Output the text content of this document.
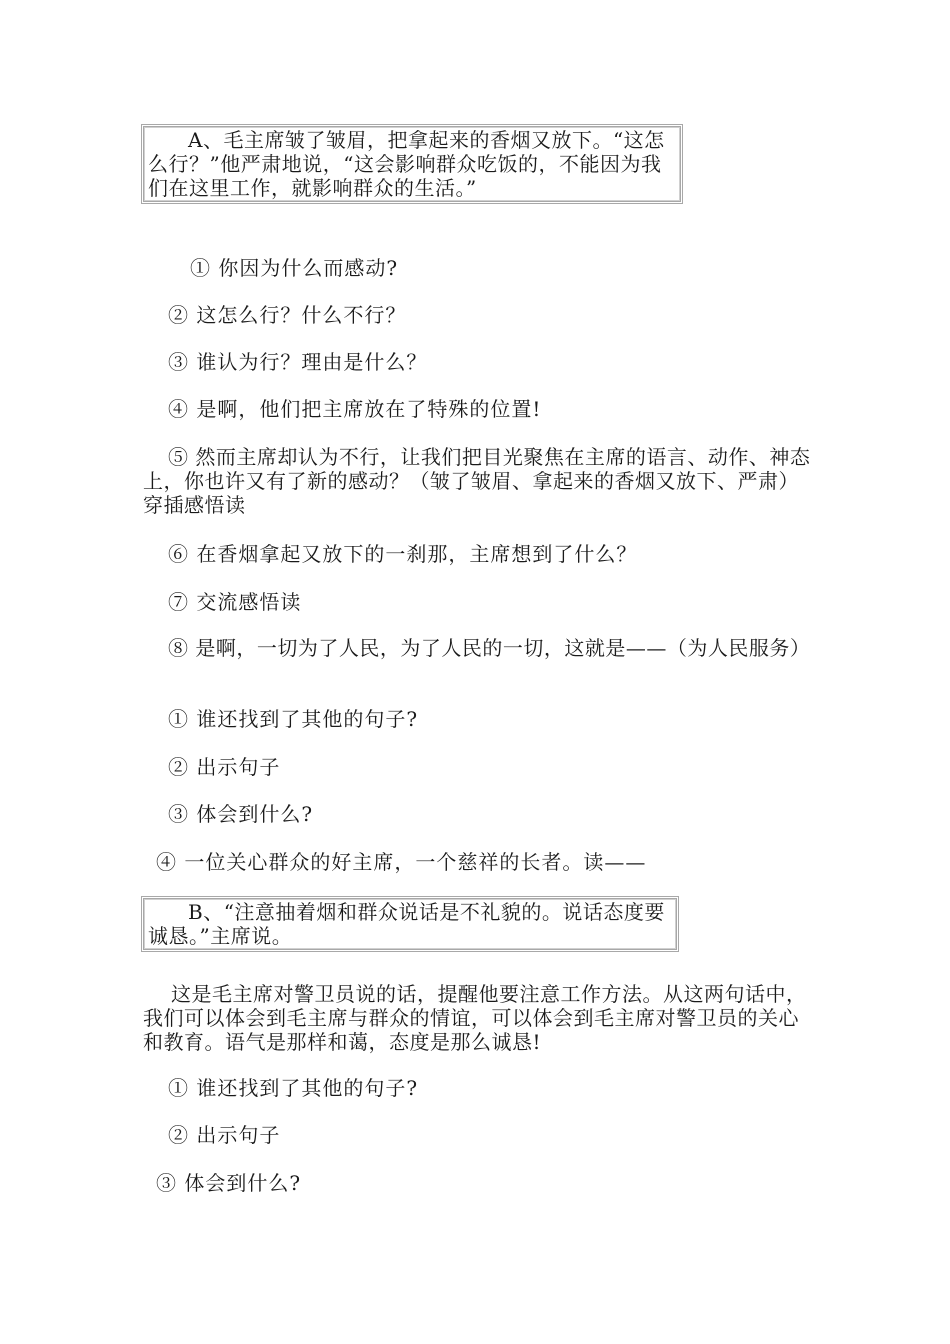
A、毛主席皱了皱眉，把拿起来的香烟又放下。“这怎么行？”他严肃地说，“这会影响群众吃饭的，不能因为我们在这里工作，就影响群众的生活。”

① 你因为什么而感动?
② 这怎么行？什么不行？
③ 谁认为行？理由是什么？
④ 是啊，他们把主席放在了特殊的位置!
⑤ 然而主席却认为不行，让我们把目光聚焦在主席的语言、动作、神态上，你也许又有了新的感动？（皱了皱眉、拿起来的香烟又放下、严肃）穿插感悟读
⑥ 在香烟拿起又放下的一刹那，主席想到了什么？
⑦ 交流感悟读
⑧ 是啊，一切为了人民，为了人民的一切，这就是——（为人民服务）
① 谁还找到了其他的句子?
② 出示句子
③ 体会到什么?
④ 一位关心群众的好主席，一个慈祥的长者。读——

B、“注意抽着烟和群众说话是不礼貌的。说话态度要诚恳。”主席说。

这是毛主席对警卫员说的话，提醒他要注意工作方法。从这两句话中，我们可以体会到毛主席与群众的情谊，可以体会到毛主席对警卫员的关心和教育。语气是那样和蔼，态度是那么诚恳!
① 谁还找到了其他的句子?
② 出示句子
③ 体会到什么?
